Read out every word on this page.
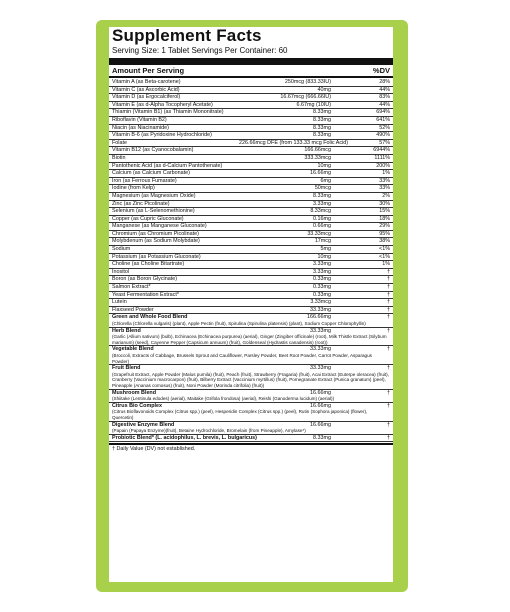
Supplement Facts
Serving Size: 1 Tablet Servings Per Container: 60
Amount Per Serving	%DV
Vitamin A (as Beta-carotene)	250mcg (833.33IU)	28%
Vitamin C (as Ascorbic Acid)	40mg	44%
Vitamin D (as Ergocalciferol)	16.67mcg (666.66IU)	83%
Vitamin E (as d-Alpha Tocopheryl Acetate)	6.67mg (10IU)	44%
Thiamin (Vitamin B1) (as Thiamin Mononitrate)	8.33mg	694%
Riboflavin (Vitamin B2)	8.33mg	641%
Niacin (as Niacinamide)	8.33mg	52%
Vitamin B-6 (as Pyridoxine Hydrochloride)	8.33mg	490%
Folate	226.66mcg DFE (from 133.33 mcg Folic Acid)	57%
Vitamin B12 (as Cyanocobalamin)	166.66mcg	6944%
Biotin	333.33mcg	1111%
Pantothenic Acid (as d-Calcium Pantothenate)	10mg	200%
Calcium (as Calcium Carbonate)	16.66mg	1%
Iron (as Ferrous Fumarate)	6mg	33%
Iodine (from Kelp)	50mcg	33%
Magnesium (as Magnesium Oxide)	8.33mg	2%
Zinc (as Zinc Picolinate)	3.33mg	30%
Selenium (as L-Selenomethionine)	8.33mcg	15%
Copper (as Cupric Gluconate)	0.16mg	18%
Manganese (as Manganese Gluconate)	0.66mg	29%
Chromium (as Chromium Picolinate)	33.33mcg	95%
Molybdenum (as Sodium Molybdate)	17mcg	38%
Sodium	5mg	<1%
Potassium (as Potassium Gluconate)	10mg	<1%
Choline (as Choline Bitartrate)	3.33mg	1%
Inositol	3.33mg	†
Boron (as Boron Glycinate)	0.33mg	†
Salmon Extract*	0.33mg	†
Yeast Fermentation Extract*	0.33mg	†
Lutein	3.33mcg	†
Flaxseed Powder	33.33mg	†
Green and Whole Food Blend	166.66mg	†
(Chlorella (Chlorella vulgaris) (plant), Apple Pectin (fruit), Spirulina (Spirulina platensis) (plant), Sodium Copper Chlorophyllin)
Herb Blend	33.33mg	†
(Garlic (Allium sativum) (bulb), Echinacea (Echinacea purpurea) (aerial), Ginger (Zingiber officinale) (root), Milk Thistle Extract (Silybum marianum) (seed), Cayenne Pepper (Capsicum annuum) (fruit), Goldenseal (Hydrastis canadensis) (root))
Vegetable Blend	33.33mg	†
(Broccoli, Extracts of Cabbage, Brussels Sprout and Cauliflower, Parsley Powder, Beet Root Powder, Carrot Powder, Asparagus Powder)
Fruit Blend	33.33mg	†
(Grapefruit Extract, Apple Powder (Malus pumila) (fruit), Peach (fruit), Strawberry (Fragaria) (fruit), Acai Extract (Euterpe oleracea) (fruit), Cranberry (Vaccinium macrocarpon) (fruit), Bilberry Extract (Vaccinium myrtillus) (fruit), Pomegranate Extract (Punica granatum) (peel), Pineapple (Ananas comosus) (fruit), Noni Powder (Morinda citrifolia) (fruit))
Mushroom Blend	16.66mg	†
(Shiitake (Lentinula edodes) (aerial), Maitake (Grifola frondosa) (aerial), Reishi (Ganoderma lucidum) (aerial))
Citrus Bio Complex	16.66mg	†
(Citrus Bioflavonoids Complex (Citrus spp.) (peel), Hesperidin Complex (Citrus spp.) (peel), Rutin (Sophora japonica) (flower), Quercetin)
Digestive Enzyme Blend	16.66mg	†
(Papain (Papaya Enzyme)(fruit), Betaine Hydrochloride, Bromelain (from Pineapple), Amylase*)
Probiotic Blend* (L. acidophilus, L. brevis, L. bulgaricus)	8.33mg	†
† Daily Value (DV) not established.
